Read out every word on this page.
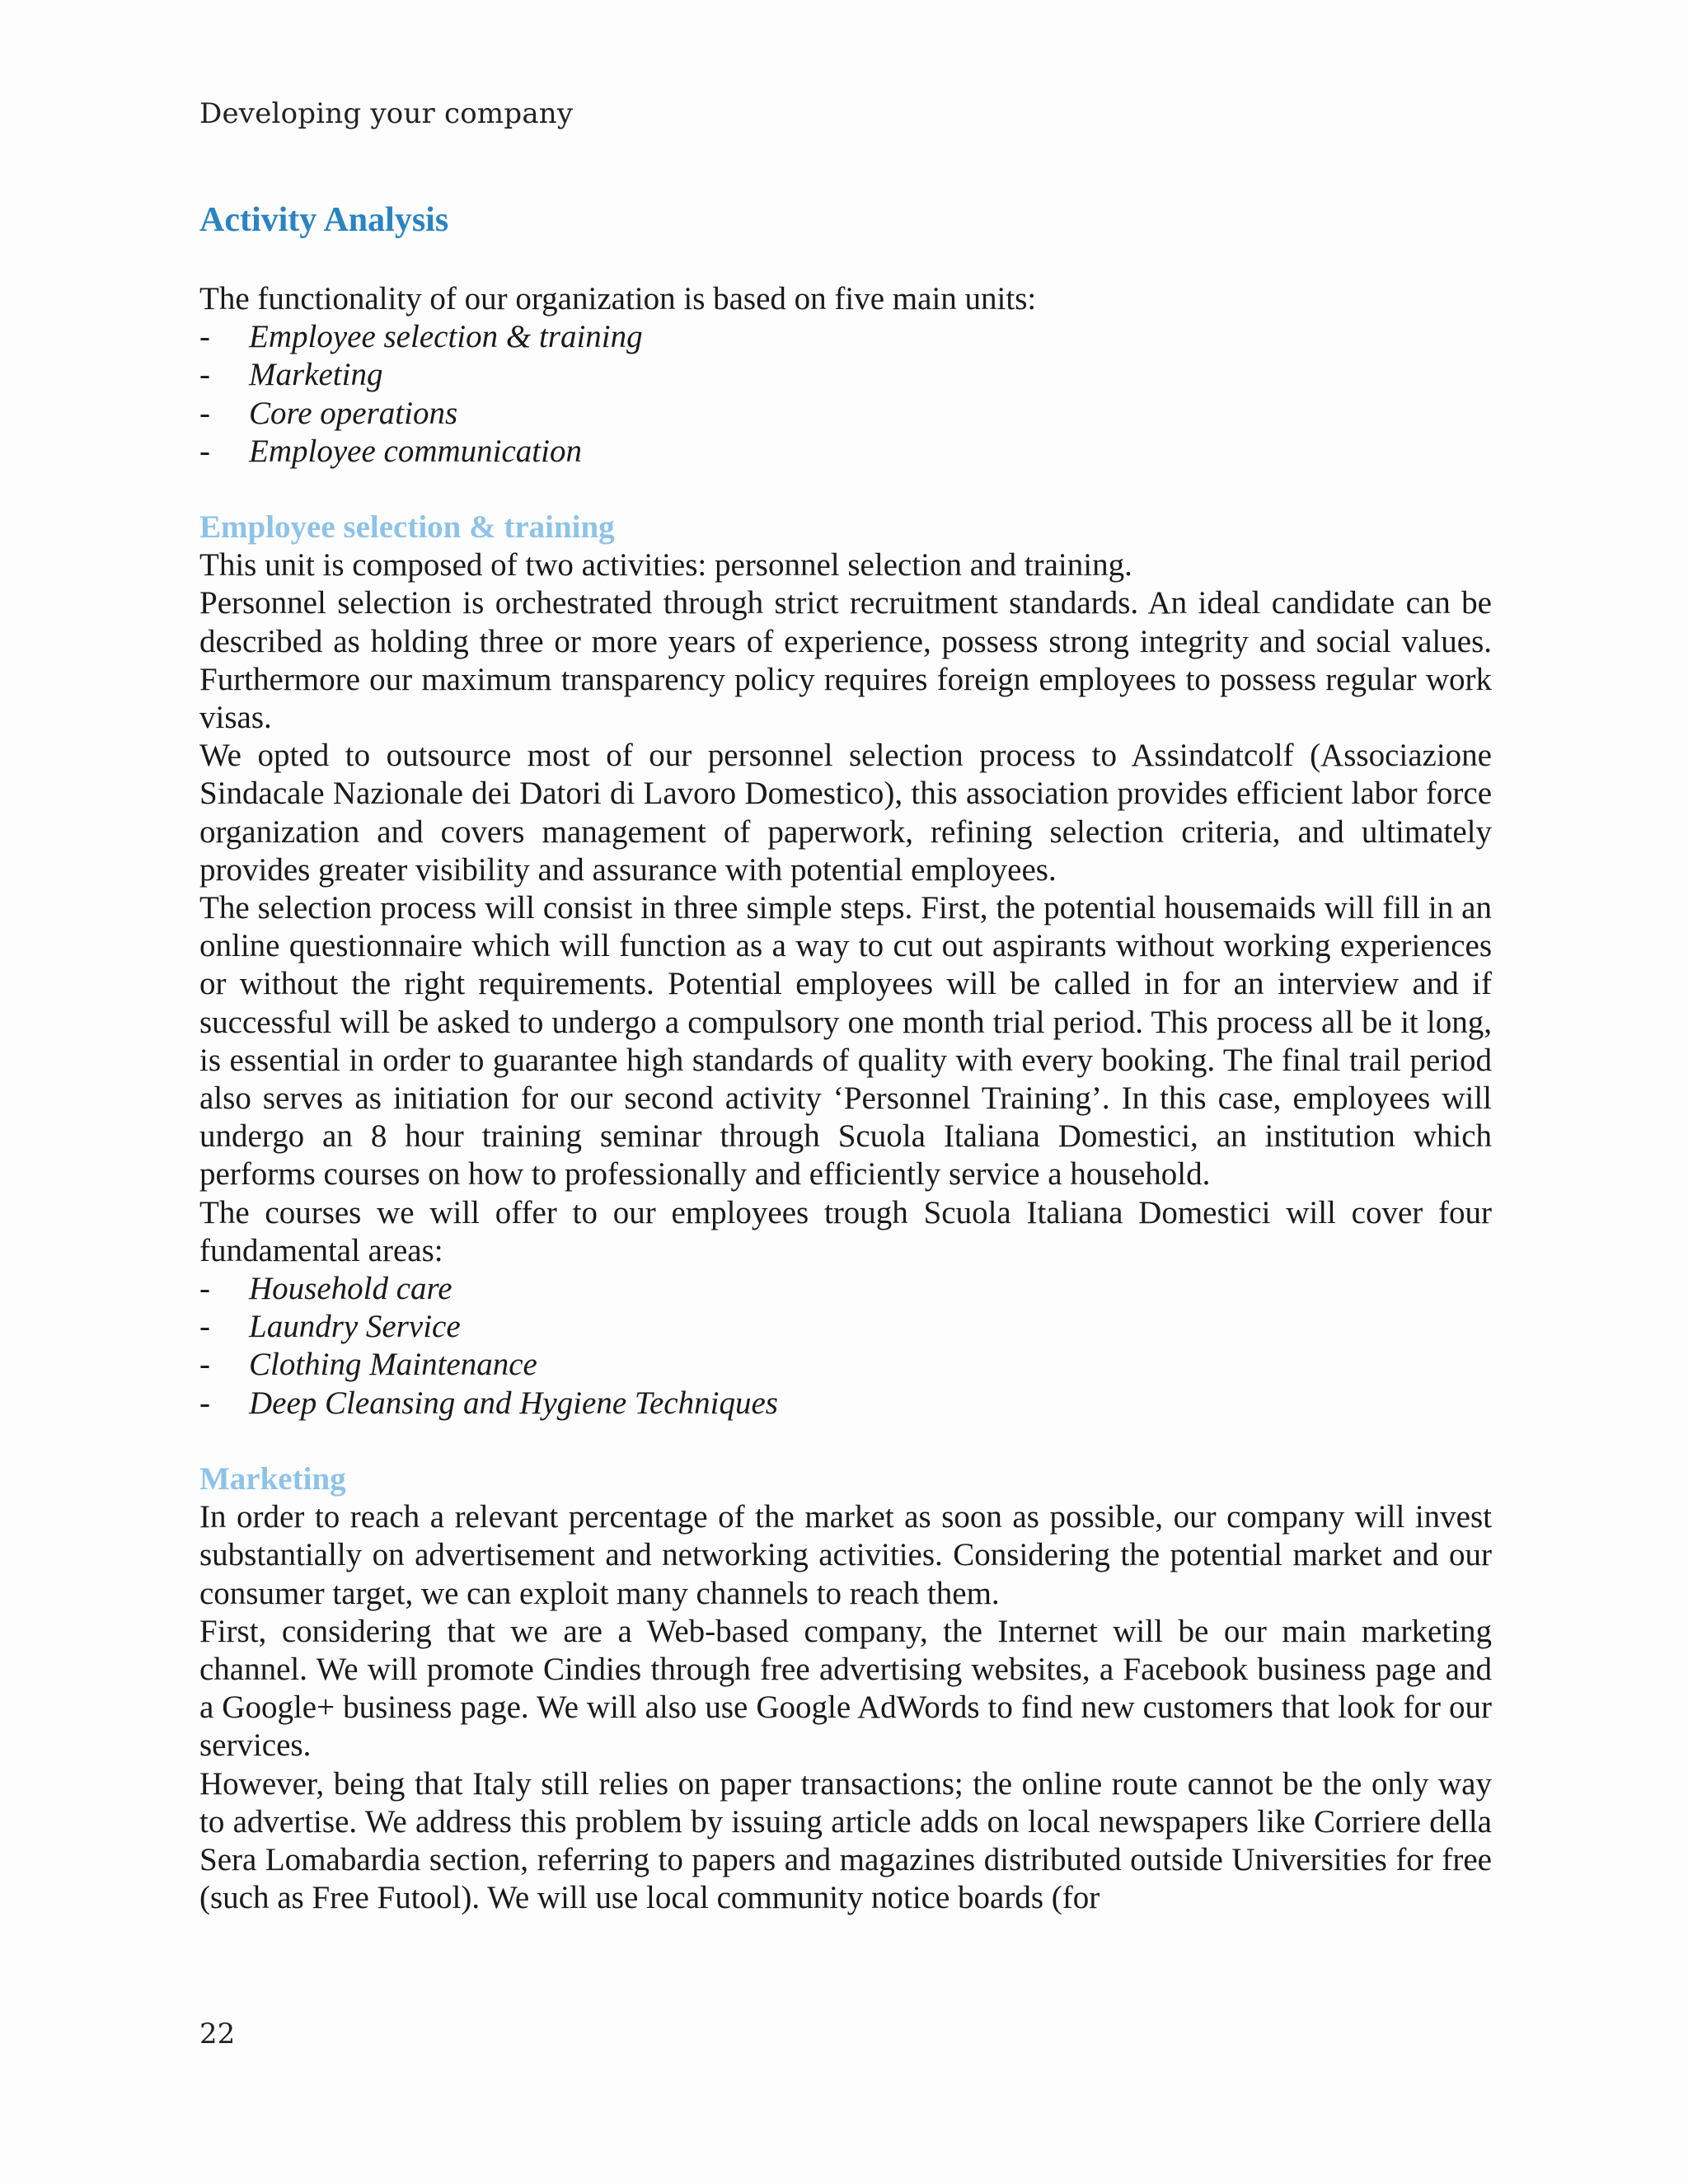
Developing your company
Activity Analysis

The functionality of our organization is based on five main units:

- Employee selection & training
- Marketing
- Core operations
- Employee communication
Employee selection & training

This unit is composed of two activities: personnel selection and training.

Personnel selection is orchestrated through strict recruitment standards. An ideal candidate can be described as holding three or more years of experience, possess strong integrity and social values. Furthermore our maximum transparency policy requires foreign employees to possess regular work visas.

We opted to outsource most of our personnel selection process to Assindatcolf (Associazione Sindacale Nazionale dei Datori di Lavoro Domestico), this association provides efficient labor force organization and covers management of paperwork, refining selection criteria, and ultimately provides greater visibility and assurance with potential employees.

The selection process will consist in three simple steps. First, the potential housemaids will fill in an online questionnaire which will function as a way to cut out aspirants without working experiences or without the right requirements. Potential employees will be called in for an interview and if successful will be asked to undergo a compulsory one month trial period. This process all be it long, is essential in order to guarantee high standards of quality with every booking. The final trail period also serves as initiation for our second activity ‘Personnel Training’. In this case, employees will undergo an 8 hour training seminar through Scuola Italiana Domestici, an institution which performs courses on how to professionally and efficiently service a household.

The courses we will offer to our employees trough Scuola Italiana Domestici will cover four fundamental areas:

- Household care
- Laundry Service
- Clothing Maintenance
- Deep Cleansing and Hygiene Techniques
Marketing

In order to reach a relevant percentage of the market as soon as possible, our company will invest substantially on advertisement and networking activities. Considering the potential market and our consumer target, we can exploit many channels to reach them.

First, considering that we are a Web-based company, the Internet will be our main marketing channel. We will promote Cindies through free advertising websites, a Facebook business page and a Google+ business page. We will also use Google AdWords to find new customers that look for our services.

However, being that Italy still relies on paper transactions; the online route cannot be the only way to advertise. We address this problem by issuing article adds on local newspapers like Corriere della Sera Lomabardia section, referring to papers and magazines distributed outside Universities for free (such as Free Futool). We will use local community notice boards (for

22
